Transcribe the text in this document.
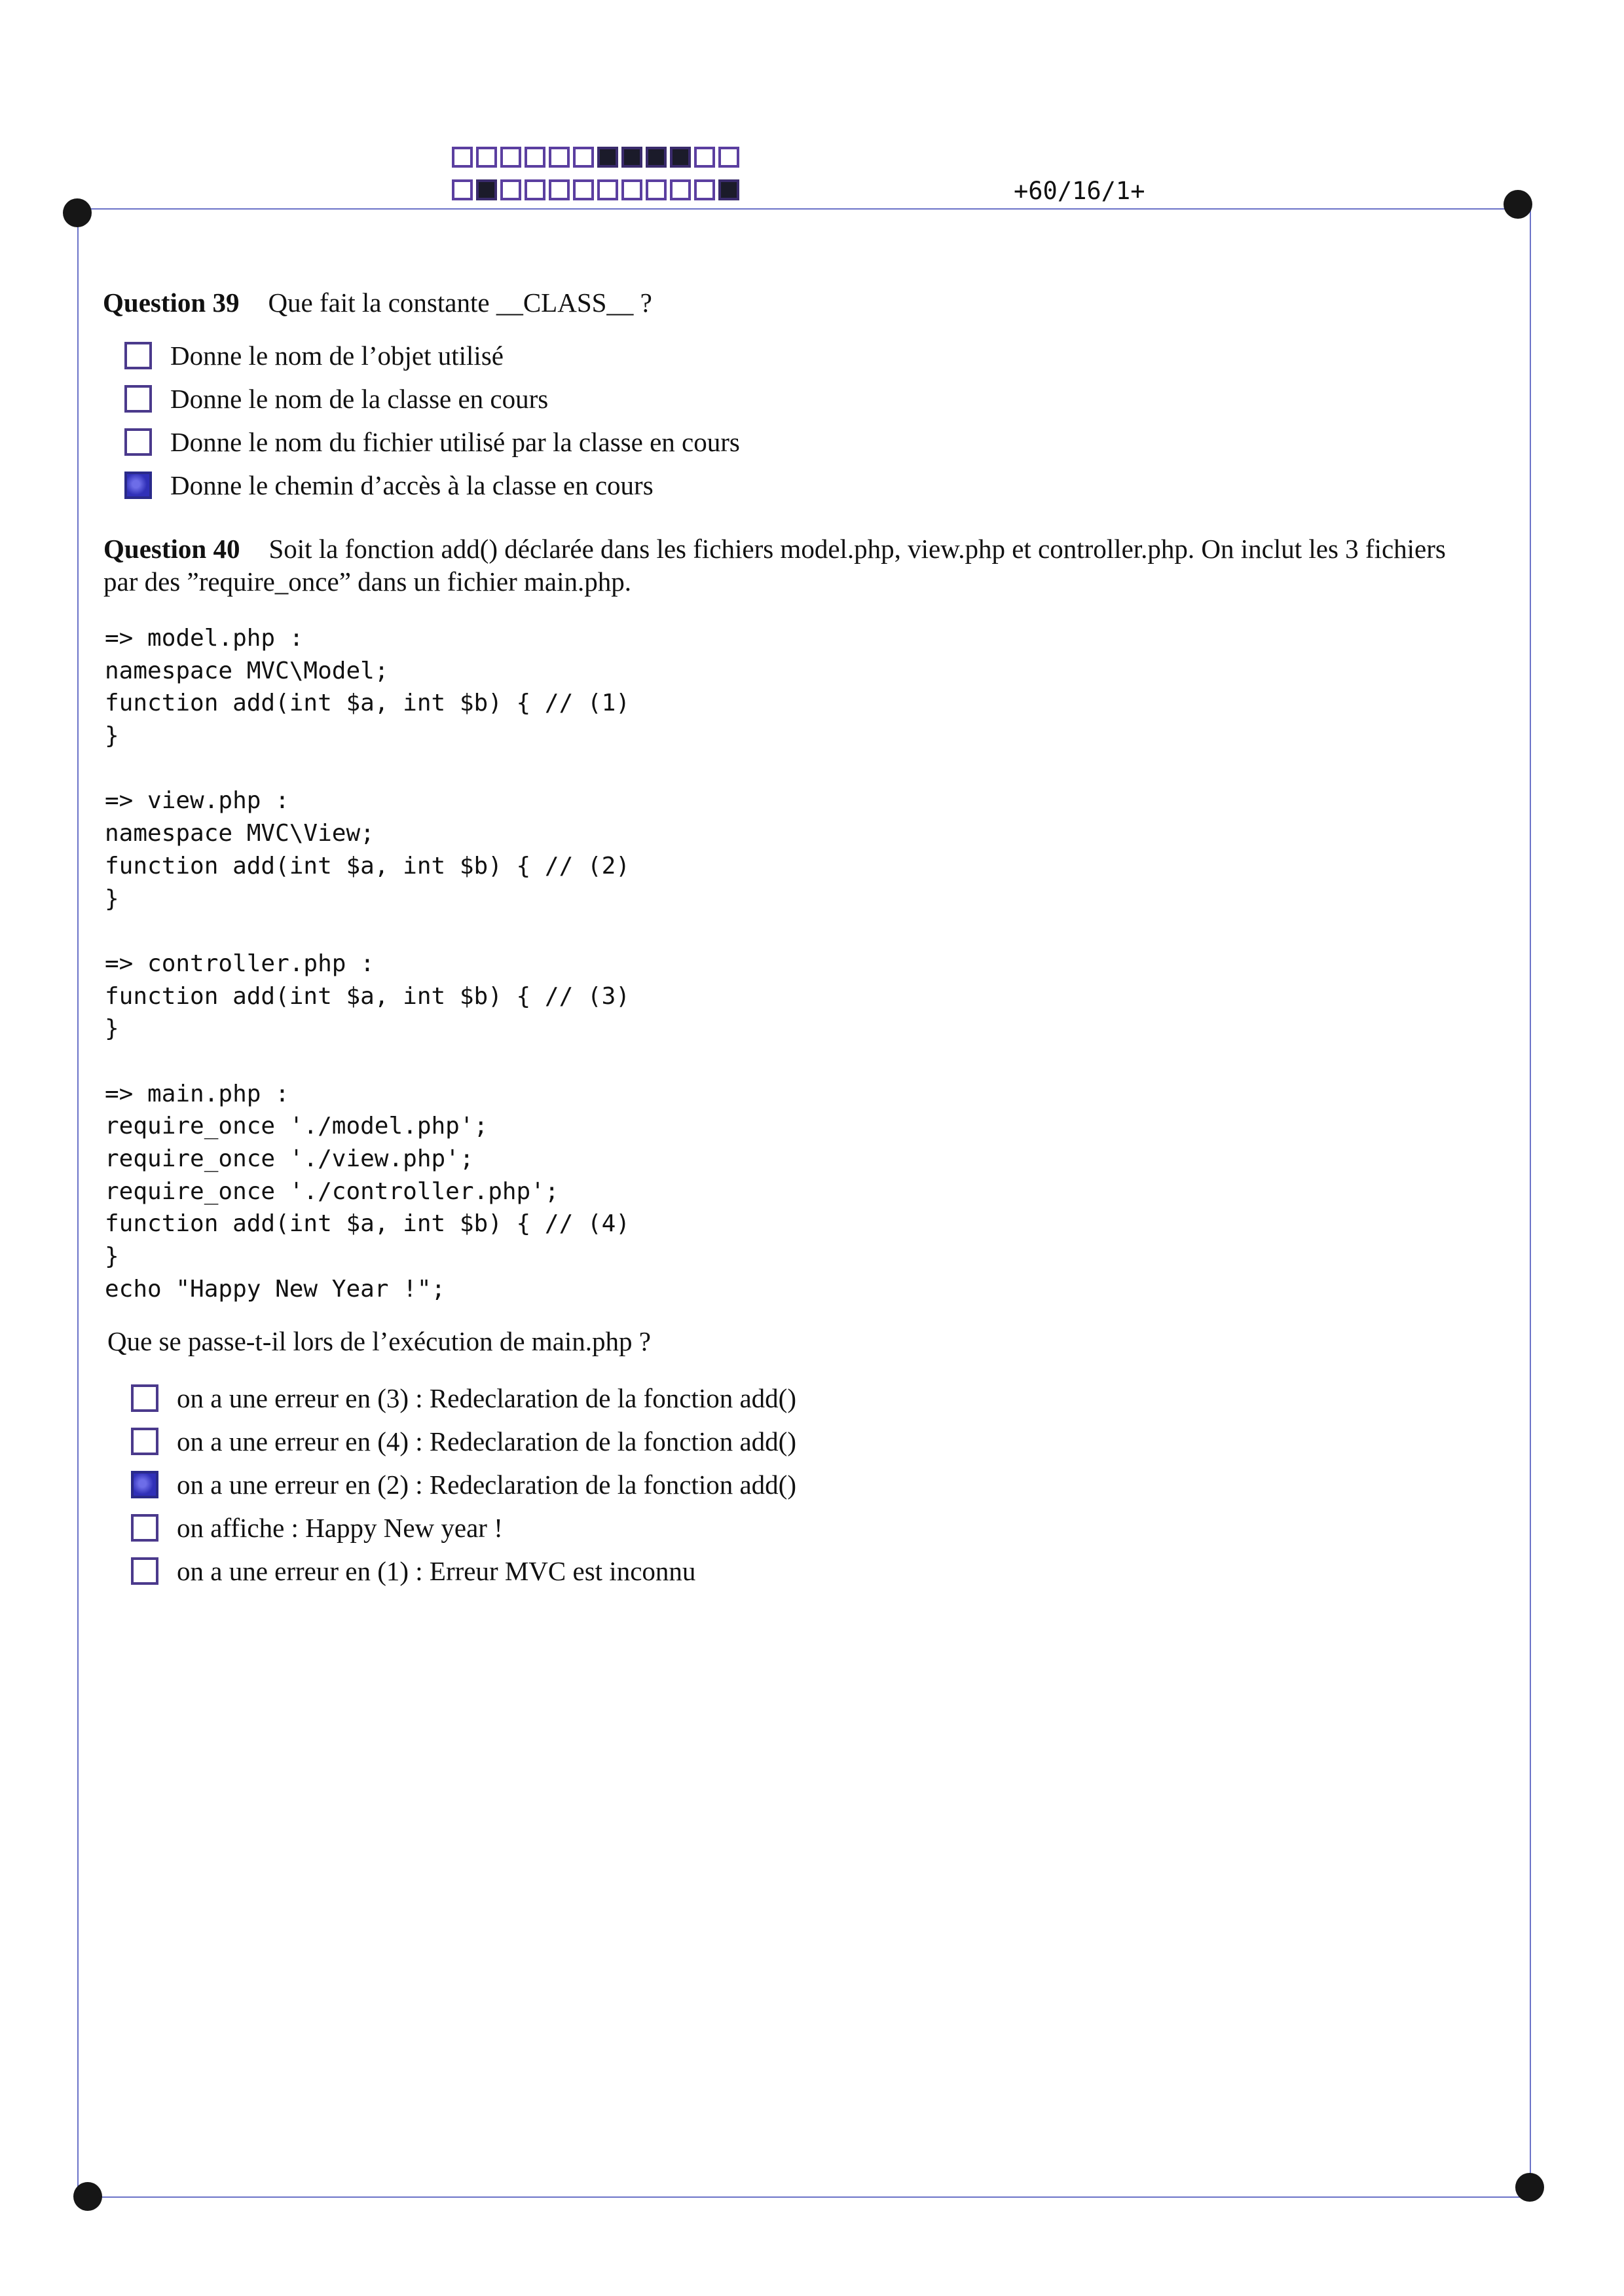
+60/16/1+
Question 39 Que fait la constante __CLASS__ ?
Donne le nom de l’objet utilisé
Donne le nom de la classe en cours
Donne le nom du fichier utilisé par la classe en cours
Donne le chemin d’accès à la classe en cours
Question 40 Soit la fonction add() déclarée dans les fichiers model.php, view.php et controller.php. On inclut les 3 fichiers
par des ”require_once” dans un fichier main.php.
=> model.php :
namespace MVC\Model;
function add(int $a, int $b) { // (1)
}
=> view.php :
namespace MVC\View;
function add(int $a, int $b) { // (2)
}
=> controller.php :
function add(int $a, int $b) { // (3)
}
=> main.php :
require_once './model.php';
require_once './view.php';
require_once './controller.php';
function add(int $a, int $b) { // (4)
}
echo "Happy New Year !";
Que se passe-t-il lors de l’exécution de main.php ?
on a une erreur en (3) : Redeclaration de la fonction add()
on a une erreur en (4) : Redeclaration de la fonction add()
on a une erreur en (2) : Redeclaration de la fonction add()
on affiche : Happy New year !
on a une erreur en (1) : Erreur MVC est inconnu
